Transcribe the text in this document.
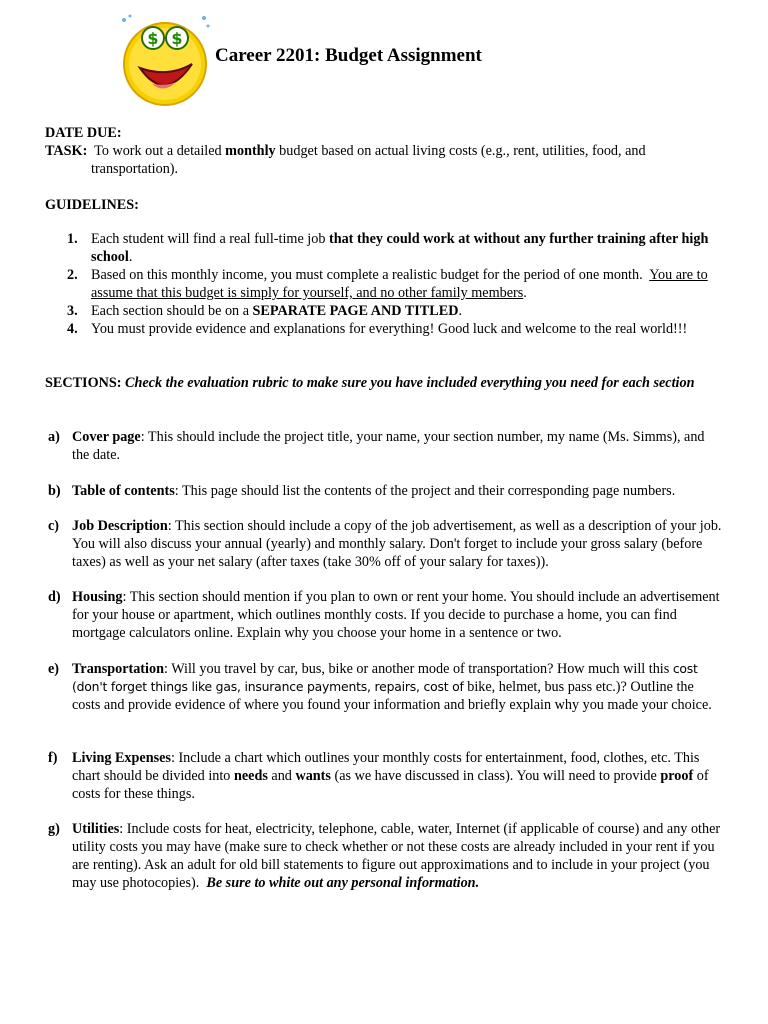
$ $
Career 2201: Budget Assignment
DATE DUE:
TASK: To work out a detailed monthly budget based on actual living costs (e.g., rent, utilities, food, and transportation).
GUIDELINES:
1. Each student will find a real full-time job that they could work at without any further training after high school.
2. Based on this monthly income, you must complete a realistic budget for the period of one month. You are to assume that this budget is simply for yourself, and no other family members.
3. Each section should be on a SEPARATE PAGE AND TITLED.
4. You must provide evidence and explanations for everything! Good luck and welcome to the real world!!!
SECTIONS: Check the evaluation rubric to make sure you have included everything you need for each section
a) Cover page: This should include the project title, your name, your section number, my name (Ms. Simms), and the date.
b) Table of contents: This page should list the contents of the project and their corresponding page numbers.
c) Job Description: This section should include a copy of the job advertisement, as well as a description of your job. You will also discuss your annual (yearly) and monthly salary. Don't forget to include your gross salary (before taxes) as well as your net salary (after taxes (take 30% off of your salary for taxes)).
d) Housing: This section should mention if you plan to own or rent your home. You should include an advertisement for your house or apartment, which outlines monthly costs. If you decide to purchase a home, you can find mortgage calculators online. Explain why you choose your home in a sentence or two.
e) Transportation: Will you travel by car, bus, bike or another mode of transportation? How much will this cost (don't forget things like gas, insurance payments, repairs, cost of bike, helmet, bus pass etc.)? Outline the costs and provide evidence of where you found your information and briefly explain why you made your choice.
f) Living Expenses: Include a chart which outlines your monthly costs for entertainment, food, clothes, etc. This chart should be divided into needs and wants (as we have discussed in class). You will need to provide proof of costs for these things.
g) Utilities: Include costs for heat, electricity, telephone, cable, water, Internet (if applicable of course) and any other utility costs you may have (make sure to check whether or not these costs are already included in your rent if you are renting). Ask an adult for old bill statements to figure out approximations and to include in your project (you may use photocopies). Be sure to white out any personal information.
